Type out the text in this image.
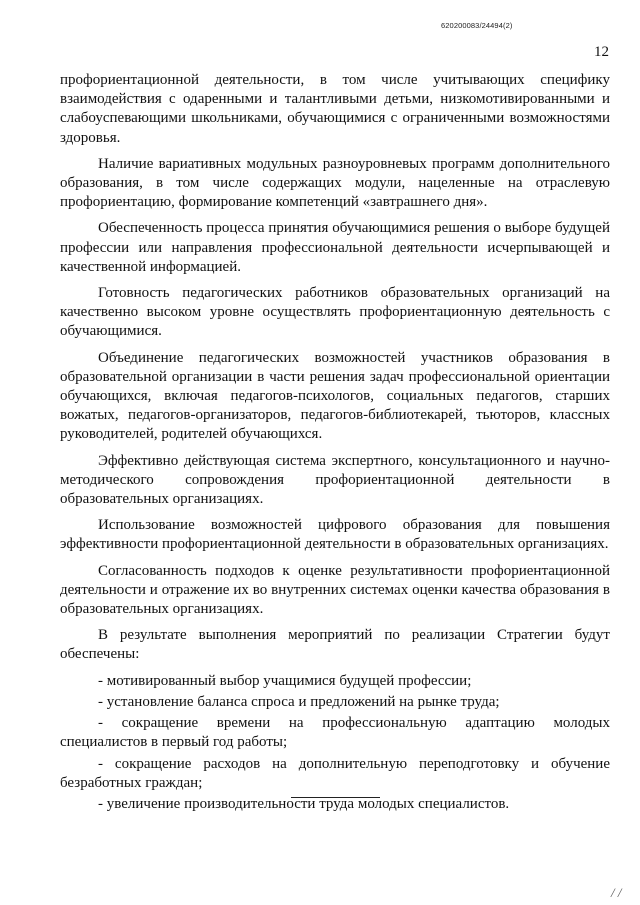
620200083/24494(2)
12

профориентационной деятельности, в том числе учитывающих специфику взаимодействия с одаренными и талантливыми детьми, низкомотивированными и слабоуспевающими школьниками, обучающимися с ограниченными возможностями здоровья.

Наличие вариативных модульных разноуровневых программ дополнительного образования, в том числе содержащих модули, нацеленные на отраслевую профориентацию, формирование компетенций «завтрашнего дня».

Обеспеченность процесса принятия обучающимися решения о выборе будущей профессии или направления профессиональной деятельности исчерпывающей и качественной информацией.

Готовность педагогических работников образовательных организаций на качественно высоком уровне осуществлять профориентационную деятельность с обучающимися.

Объединение педагогических возможностей участников образования в образовательной организации в части решения задач профессиональной ориентации обучающихся, включая педагогов-психологов, социальных педагогов, старших вожатых, педагогов-организаторов, педагогов-библиотекарей, тьюторов, классных руководителей, родителей обучающихся.

Эффективно действующая система экспертного, консультационного и научно-методического сопровождения профориентационной деятельности в образовательных организациях.

Использование возможностей цифрового образования для повышения эффективности профориентационной деятельности в образовательных организациях.

Согласованность подходов к оценке результативности профориентационной деятельности и отражение их во внутренних системах оценки качества образования в образовательных организациях.

В результате выполнения мероприятий по реализации Стратегии будут обеспечены:

- мотивированный выбор учащимися будущей профессии;

- установление баланса спроса и предложений на рынке труда;

- сокращение времени на профессиональную адаптацию молодых специалистов в первый год работы;

- сокращение расходов на дополнительную переподготовку и обучение безработных граждан;

- увеличение производительности труда молодых специалистов.

/ /
